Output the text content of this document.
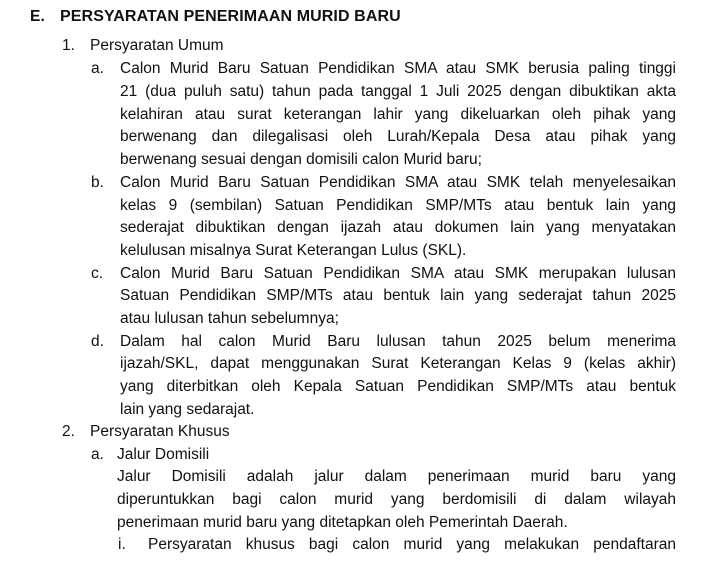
E. PERSYARATAN PENERIMAAN MURID BARU
1. Persyaratan Umum
a. Calon Murid Baru Satuan Pendidikan SMA atau SMK berusia paling tinggi
21 (dua puluh satu) tahun pada tanggal 1 Juli 2025 dengan dibuktikan akta
kelahiran atau surat keterangan lahir yang dikeluarkan oleh pihak yang
berwenang dan dilegalisasi oleh Lurah/Kepala Desa atau pihak yang
berwenang sesuai dengan domisili calon Murid baru;
b. Calon Murid Baru Satuan Pendidikan SMA atau SMK telah menyelesaikan
kelas 9 (sembilan) Satuan Pendidikan SMP/MTs atau bentuk lain yang
sederajat dibuktikan dengan ijazah atau dokumen lain yang menyatakan
kelulusan misalnya Surat Keterangan Lulus (SKL).
c. Calon Murid Baru Satuan Pendidikan SMA atau SMK merupakan lulusan
Satuan Pendidikan SMP/MTs atau bentuk lain yang sederajat tahun 2025
atau lulusan tahun sebelumnya;
d. Dalam hal calon Murid Baru lulusan tahun 2025 belum menerima
ijazah/SKL, dapat menggunakan Surat Keterangan Kelas 9 (kelas akhir)
yang diterbitkan oleh Kepala Satuan Pendidikan SMP/MTs atau bentuk
lain yang sedarajat.
2. Persyaratan Khusus
a. Jalur Domisili
Jalur Domisili adalah jalur dalam penerimaan murid baru yang
diperuntukkan bagi calon murid yang berdomisili di dalam wilayah
penerimaan murid baru yang ditetapkan oleh Pemerintah Daerah.
i. Persyaratan khusus bagi calon murid yang melakukan pendaftaran
